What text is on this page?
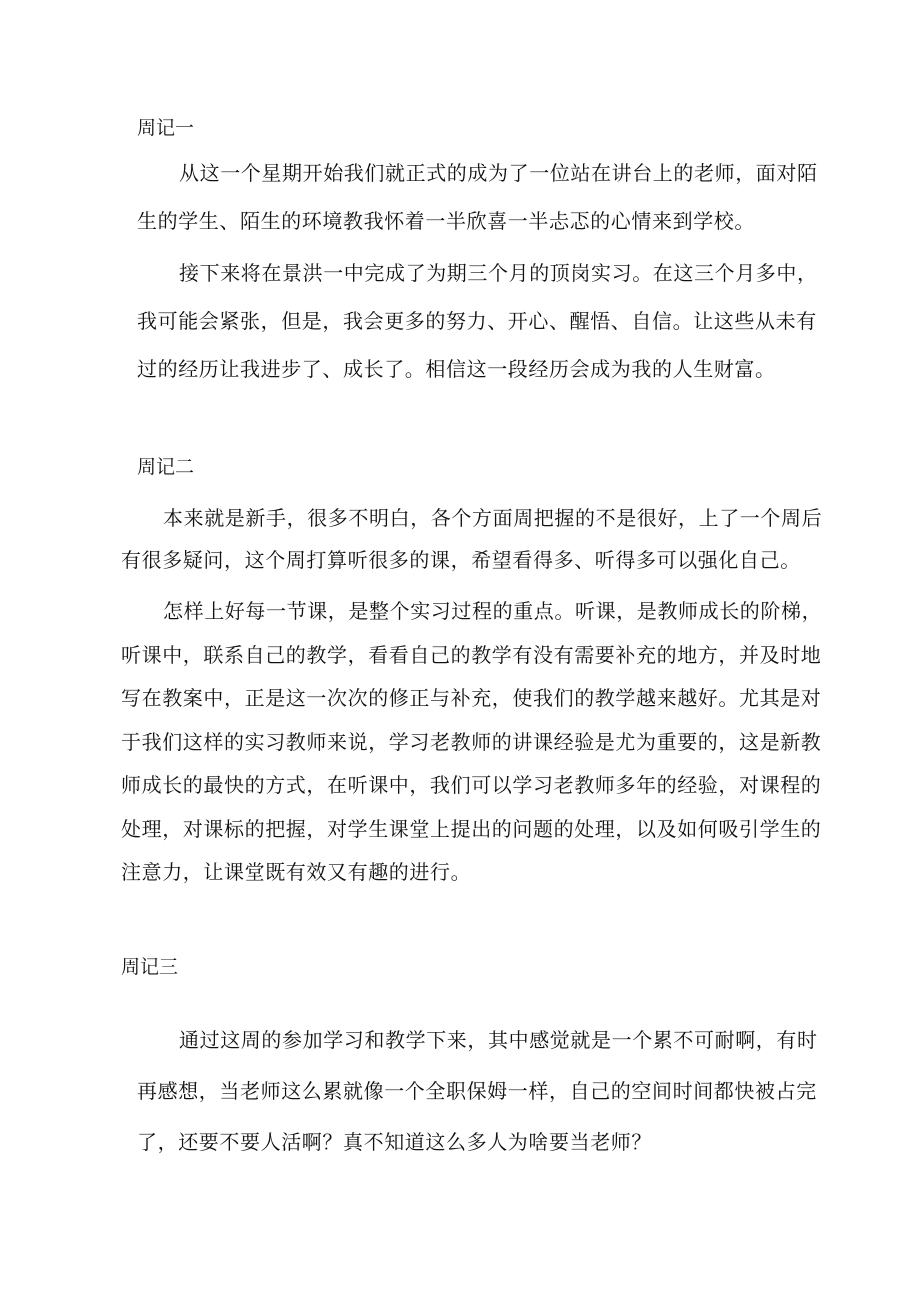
周记一
从这一个星期开始我们就正式的成为了一位站在讲台上的老师，面对陌
生的学生、陌生的环境教我怀着一半欣喜一半忐忑的心情来到学校。
接下来将在景洪一中完成了为期三个月的顶岗实习。在这三个月多中，
我可能会紧张，但是，我会更多的努力、开心、醒悟、自信。让这些从未有
过的经历让我进步了、成长了。相信这一段经历会成为我的人生财富。
周记二
本来就是新手，很多不明白，各个方面周把握的不是很好，上了一个周后
有很多疑问，这个周打算听很多的课，希望看得多、听得多可以强化自己。
怎样上好每一节课，是整个实习过程的重点。听课，是教师成长的阶梯，
听课中，联系自己的教学，看看自己的教学有没有需要补充的地方，并及时地
写在教案中，正是这一次次的修正与补充，使我们的教学越来越好。尤其是对
于我们这样的实习教师来说，学习老教师的讲课经验是尤为重要的，这是新教
师成长的最快的方式，在听课中，我们可以学习老教师多年的经验，对课程的
处理，对课标的把握，对学生课堂上提出的问题的处理，以及如何吸引学生的
注意力，让课堂既有效又有趣的进行。
周记三
通过这周的参加学习和教学下来，其中感觉就是一个累不可耐啊，有时
再感想，当老师这么累就像一个全职保姆一样，自己的空间时间都快被占完
了，还要不要人活啊？真不知道这么多人为啥要当老师？
